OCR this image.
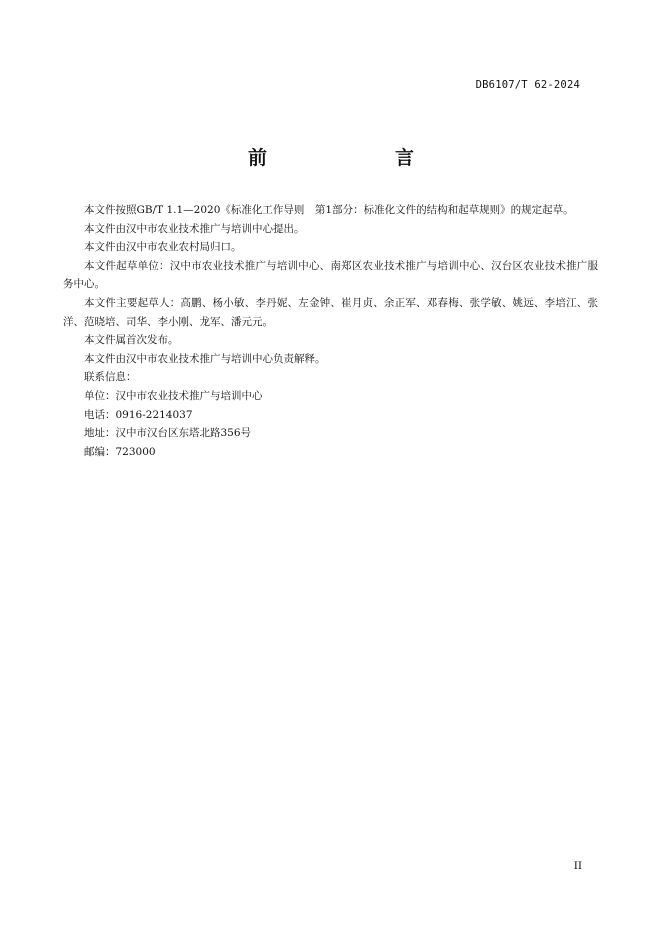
DB6107/T 62-2024
前　　言

本文件按照GB/T 1.1—2020《标准化工作导则　第1部分：标准化文件的结构和起草规则》的规定起草。

本文件由汉中市农业技术推广与培训中心提出。

本文件由汉中市农业农村局归口。

本文件起草单位：汉中市农业技术推广与培训中心、南郑区农业技术推广与培训中心、汉台区农业技术推广服务中心。

本文件主要起草人：高鹏、杨小敏、李丹妮、左金钟、崔月贞、余正军、邓春梅、张学敏、姚远、李培江、张洋、范晓培、司华、李小刚、龙军、潘元元。

本文件属首次发布。

本文件由汉中市农业技术推广与培训中心负责解释。

联系信息：

单位：汉中市农业技术推广与培训中心

电话：0916-2214037

地址：汉中市汉台区东塔北路356号

邮编：723000

II
